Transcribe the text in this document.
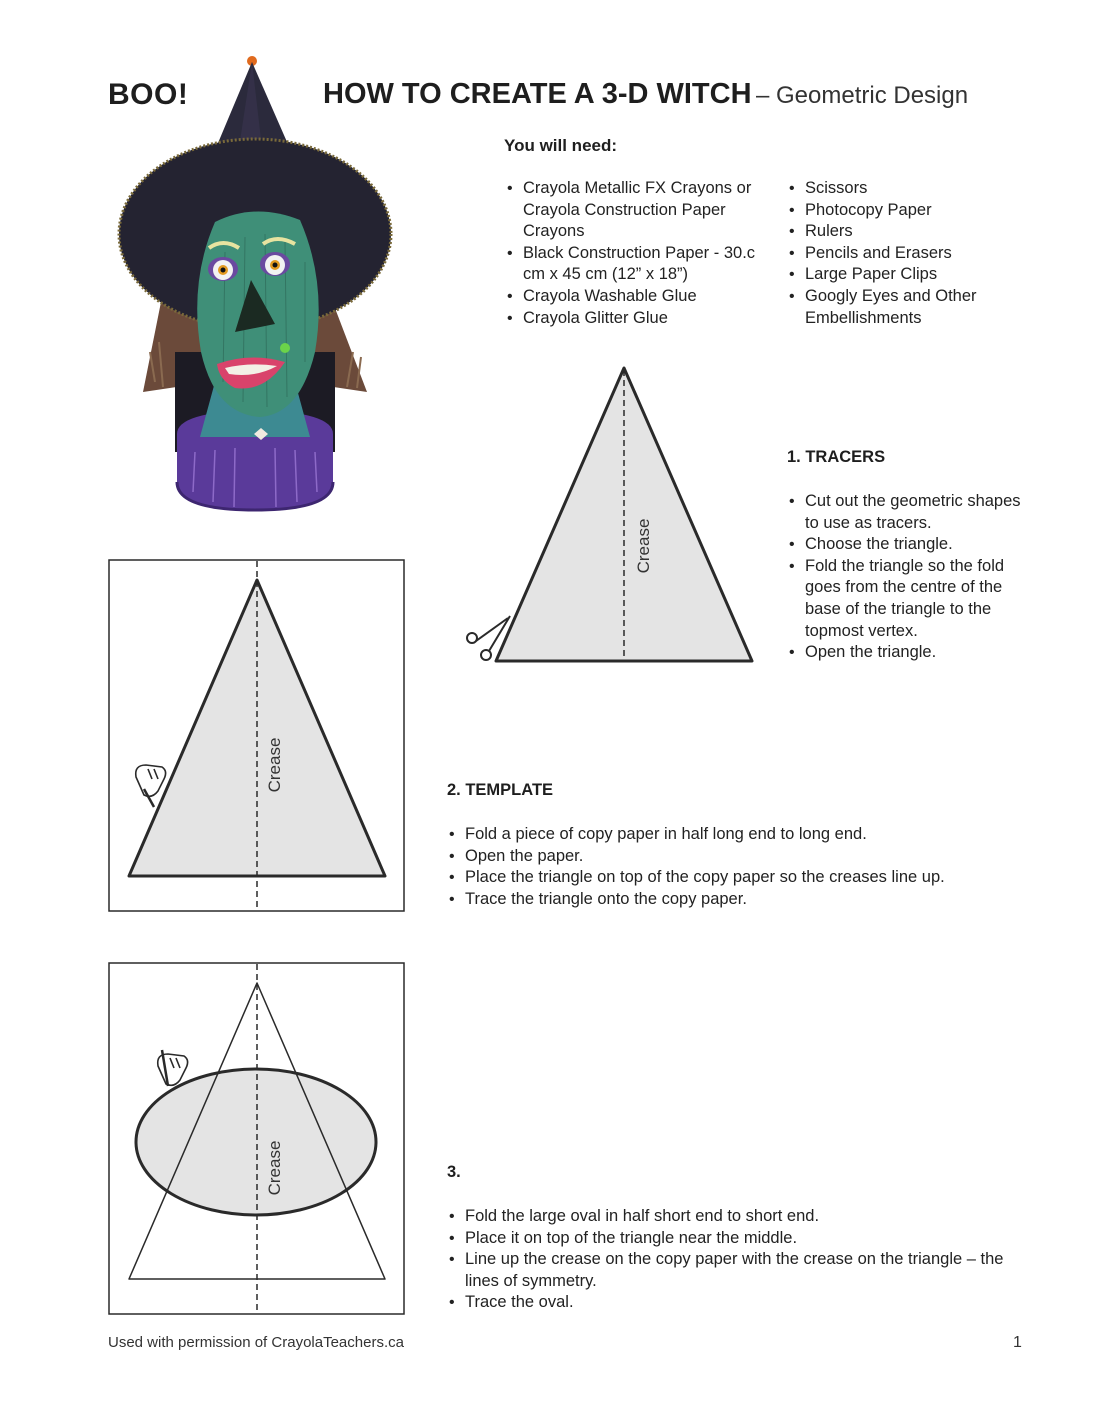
BOO!	HOW TO CREATE A 3-D WITCH – Geometric Design
You will need:
• Crayola Metallic FX Crayons or Crayola Construction Paper Crayons
• Black Construction Paper - 30.c cm x 45 cm (12” x 18”)
• Crayola Washable Glue
• Crayola Glitter Glue
• Scissors
• Photocopy Paper
• Rulers
• Pencils and Erasers
• Large Paper Clips
• Googly Eyes and Other Embellishments
Crease
1. TRACERS
• Cut out the geometric shapes to use as tracers.
• Choose the triangle.
• Fold the triangle so the fold goes from the centre of the base of the triangle to the topmost vertex.
• Open the triangle.
Crease	2. TEMPLATE
• Fold a piece of copy paper in half long end to long end.
• Open the paper.
• Place the triangle on top of the copy paper so the creases line up.
• Trace the triangle onto the copy paper.
Crease	3.
• Fold the large oval in half short end to short end.
• Place it on top of the triangle near the middle.
• Line up the crease on the copy paper with the crease on the triangle – the lines of symmetry.
• Trace the oval.
Used with permission of CrayolaTeachers.ca	1
